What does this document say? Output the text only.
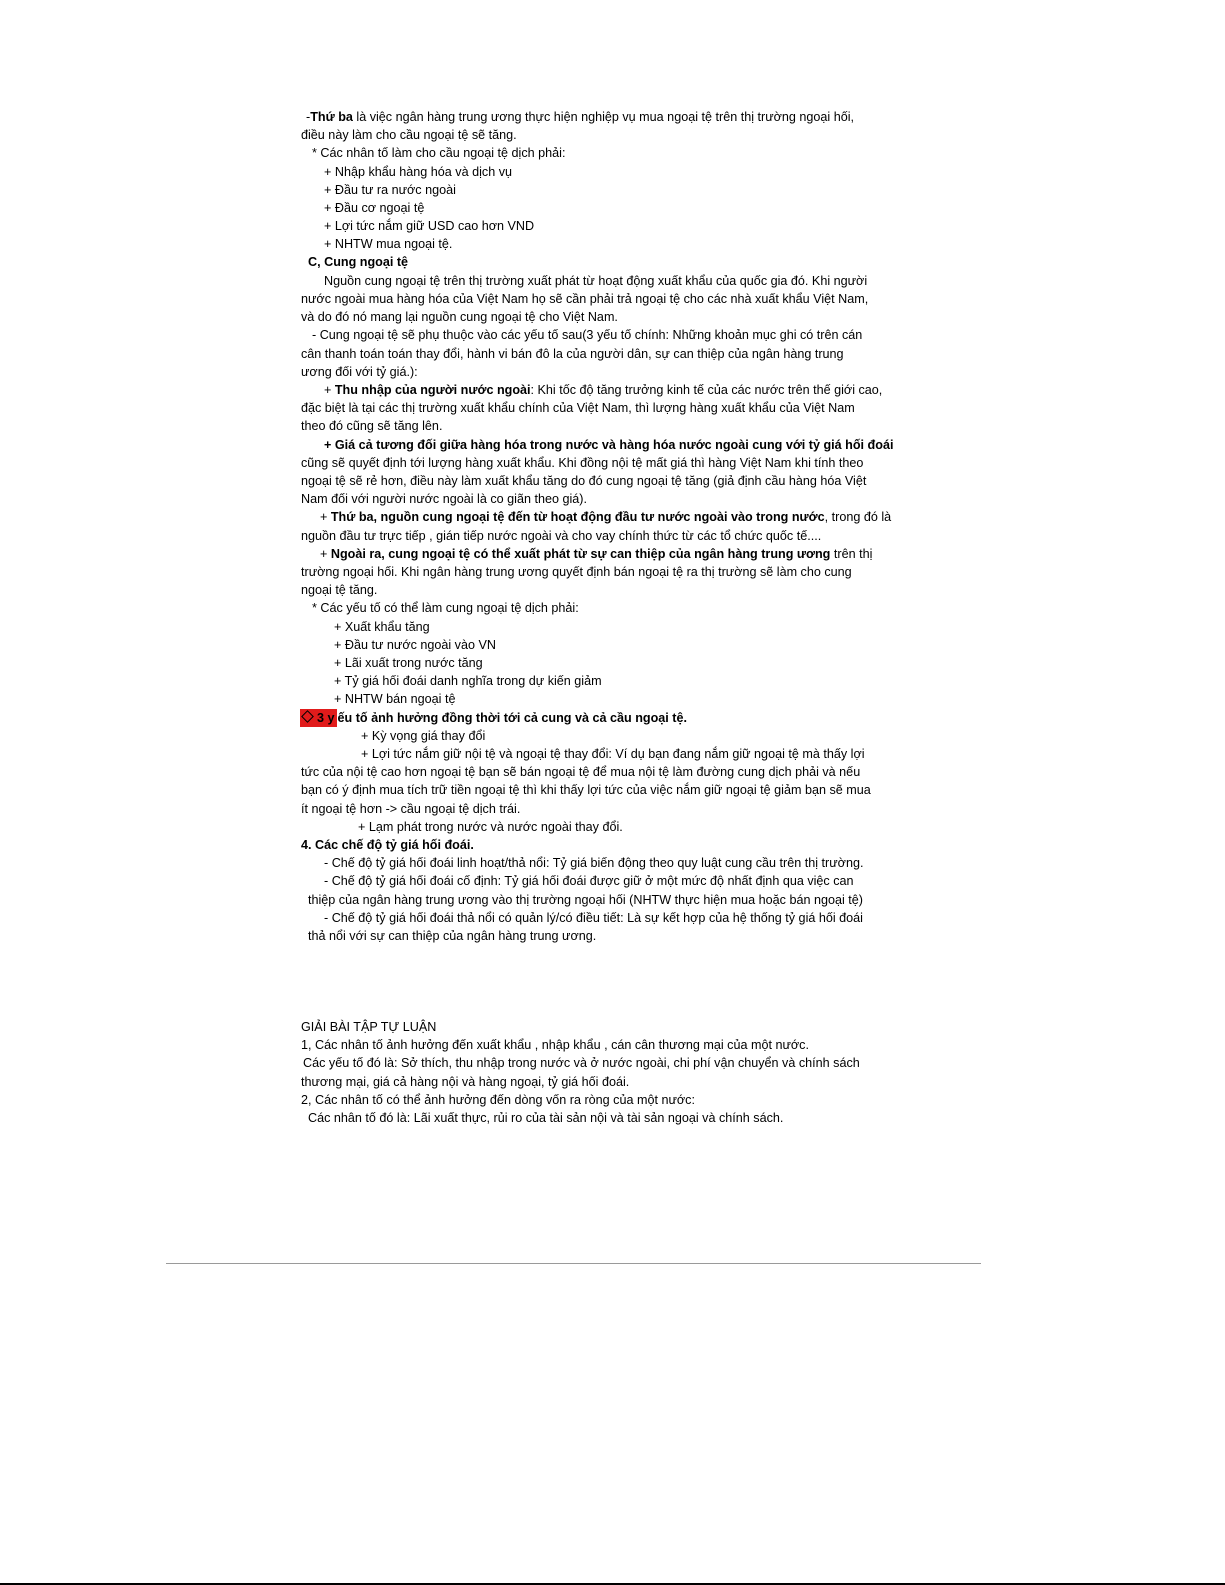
-Thứ ba là việc ngân hàng trung ương thực hiện nghiệp vụ mua ngoại tệ trên thị trường ngoại hối,
điều này làm cho cầu ngoại tệ sẽ tăng.
* Các nhân tố làm cho cầu ngoại tệ dịch phải:
+ Nhập khẩu hàng hóa và dịch vụ
+ Đầu tư ra nước ngoài
+ Đầu cơ ngoại tệ
+ Lợi tức nắm giữ USD cao hơn VND
+ NHTW mua ngoại tệ.
C, Cung ngoại tệ
Nguồn cung ngoại tệ trên thị trường xuất phát từ hoạt động xuất khẩu của quốc gia đó. Khi người
nước ngoài mua hàng hóa của Việt Nam họ sẽ cần phải trả ngoại tệ cho các nhà xuất khẩu Việt Nam,
và do đó nó mang lại nguồn cung ngoại tệ cho Việt Nam.
- Cung ngoại tệ sẽ phụ thuộc vào các yếu tố sau(3 yếu tố chính: Những khoản mục ghi có trên cán
cân thanh toán toán thay đổi, hành vi bán đô la của người dân, sự can thiệp của ngân hàng trung
ương đối với tỷ giá.):
+ Thu nhập của người nước ngoài: Khi tốc độ tăng trưởng kinh tế của các nước trên thế giới cao,
đặc biệt là tại các thị trường xuất khẩu chính của Việt Nam, thì lượng hàng xuất khẩu của Việt Nam
theo đó cũng sẽ tăng lên.
+ Giá cả tương đối giữa hàng hóa trong nước và hàng hóa nước ngoài cung với tỷ giá hối đoái
cũng sẽ quyết định tới lượng hàng xuất khẩu. Khi đồng nội tệ mất giá thì hàng Việt Nam khi tính theo
ngoại tệ sẽ rẻ hơn, điều này làm xuất khẩu tăng do đó cung ngoại tệ tăng (giả định cầu hàng hóa Việt
Nam đối với người nước ngoài là co giãn theo giá).
+ Thứ ba, nguồn cung ngoại tệ đến từ hoạt động đầu tư nước ngoài vào trong nước, trong đó là
nguồn đầu tư trực tiếp , gián tiếp nước ngoài và cho vay chính thức từ các tổ chức quốc tế....
+ Ngoài ra, cung ngoại tệ có thể xuất phát từ sự can thiệp của ngân hàng trung ương trên thị
trường ngoại hối. Khi ngân hàng trung ương quyết định bán ngoại tệ ra thị trường sẽ làm cho cung
ngoại tệ tăng.
* Các yếu tố có thể làm cung ngoại tệ dịch phải:
+ Xuất khẩu tăng
+ Đầu tư nước ngoài vào VN
+ Lãi xuất trong nước tăng
+ Tỷ giá hối đoái danh nghĩa trong dự kiến giảm
+ NHTW bán ngoại tệ
3 y ếu tố ảnh hưởng đồng thời tới cả cung và cả cầu ngoại tệ.
+ Kỳ vọng giá thay đổi
+ Lợi tức nắm giữ nội tệ và ngoại tệ thay đổi: Ví dụ bạn đang nắm giữ ngoại tệ mà thấy lợi
tức của nội tệ cao hơn ngoại tệ bạn sẽ bán ngoại tệ để mua nội tệ làm đường cung dịch phải và nếu
bạn có ý định mua tích trữ tiền ngoại tệ thì khi thấy lợi tức của việc nắm giữ ngoại tệ giảm bạn sẽ mua
ít ngoại tệ hơn -> cầu ngoại tệ dịch trái.
+ Lạm phát trong nước và nước ngoài thay đổi.
4. Các chế độ tỷ giá hối đoái.
- Chế độ tỷ giá hối đoái linh hoạt/thả nổi: Tỷ giá biến động theo quy luật cung cầu trên thị trường.
- Chế độ tỷ giá hối đoái cố định: Tỷ giá hối đoái được giữ ở một mức độ nhất định qua việc can
thiệp của ngân hàng trung ương vào thị trường ngoại hối (NHTW thực hiện mua hoặc bán ngoại tệ)
- Chế độ tỷ giá hối đoái thả nổi có quản lý/có điều tiết: Là sự kết hợp của hệ thống tỷ giá hối đoái
thả nổi với sự can thiệp của ngân hàng trung ương.
GIẢI BÀI TẬP TỰ LUẬN
1, Các nhân tố ảnh hưởng đến xuất khẩu , nhập khẩu , cán cân thương mại của một nước.
Các yếu tố đó là: Sở thích, thu nhập trong nước và ở nước ngoài, chi phí vận chuyển và chính sách
thương mại, giá cả hàng nội và hàng ngoại, tỷ giá hối đoái.
2, Các nhân tố có thể ảnh hưởng đến dòng vốn ra ròng của một nước:
Các nhân tố đó là: Lãi xuất thực, rủi ro của tài sản nội và tài sản ngoại và chính sách.
